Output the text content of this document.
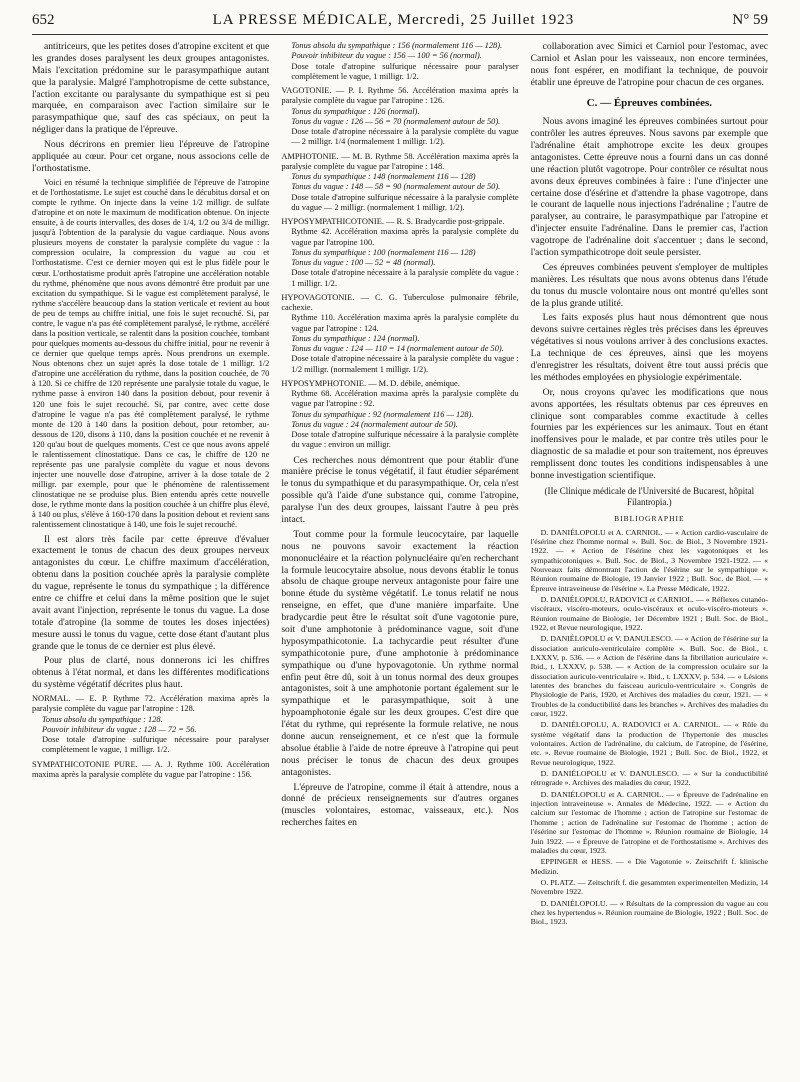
652	LA PRESSE MÉDICALE, Mercredi, 25 Juillet 1923	N° 59

antitriceurs, que les petites doses d'atropine excitent et que les grandes doses paralysent les deux groupes antagonistes. Mais l'excitation prédomine sur le parasympathique autant que la paralysie. Malgré l'amphotropisme de cette substance, l'action excitante ou paralysante du sympathique est si peu marquée, en comparaison avec l'action similaire sur le parasympathique que, sauf des cas spéciaux, on peut la négliger dans la pratique de l'épreuve.

Nous décrirons en premier lieu l'épreuve de l'atropine appliquée au cœur. Pour cet organe, nous associons celle de l'orthostatisme.

Voici en résumé la technique simplifiée de l'épreuve de l'atropine et de l'orthostatisme. Le sujet est couché dans le décubitus dorsal et on compte le rythme. On injecte dans la veine 1/2 milligr. de sulfate d'atropine et on note le maximum de modification obtenue. On injecte ensuite, à de courts intervalles, des doses de 1/4, 1/2 ou 3/4 de milligr. jusqu'à l'obtention de la paralysie du vague cardiaque. Nous avons plusieurs moyens de constater la paralysie complète du vague : la compression oculaire, la compression du vague au cou et l'orthostatisme. C'est ce dernier moyen qui est le plus fidèle pour le cœur. L'orthostatisme produit après l'atropine une accélération notable du rythme, phénomène que nous avons démontré être produit par une excitation du sympathique. Si le vague est complètement paralysé, le rythme s'accélère beaucoup dans la station verticale et revient au bout de peu de temps au chiffre initial, une fois le sujet recouché. Si, par contre, le vague n'a pas été complètement paralysé, le rythme, accéléré dans la position verticale, se ralentit dans la position couchée, tombant pour quelques moments au-dessous du chiffre initial, pour ne revenir à ce dernier que quelque temps après. Nous prendrons un exemple. Nous obtenons chez un sujet après la dose totale de 1 milligr. 1/2 d'atropine une accélération du rythme, dans la position couchée, de 70 à 120. Si ce chiffre de 120 représente une paralysie totale du vague, le rythme passe à environ 140 dans la position debout, pour revenir à 120 une fois le sujet recouché. Si, par contre, avec cette dose d'atropine le vague n'a pas été complètement paralysé, le rythme monte de 120 à 140 dans la position debout, pour retomber, au-dessous de 120, disons à 110, dans la position couchée et ne revenir à 120 qu'au bout de quelques moments. C'est ce que nous avons appelé le ralentissement clinostatique. Dans ce cas, le chiffre de 120 ne représente pas une paralysie complète du vague et nous devons injecter une nouvelle dose d'atropine, arriver à la dose totale de 2 milligr. par exemple, pour que le phénomène de ralentissement clinostatique ne se produise plus. Bien entendu après cette nouvelle dose, le rythme monte dans la position couchée à un chiffre plus élevé, à 140 ou plus, s'élève à 160-170 dans la position debout et revient sans ralentissement clinostatique à 140, une fois le sujet recouché.

Il est alors très facile par cette épreuve d'évaluer exactement le tonus de chacun des deux groupes nerveux antagonistes du cœur. Le chiffre maximum d'accélération, obtenu dans la position couchée après la paralysie complète du vague, représente le tonus du sympathique ; la différence entre ce chiffre et celui dans la même position que le sujet avait avant l'injection, représente le tonus du vague. La dose totale d'atropine (la somme de toutes les doses injectées) mesure aussi le tonus du vague, cette dose étant d'autant plus grande que le tonus de ce dernier est plus élevé.

Pour plus de clarté, nous donnerons ici les chiffres obtenus à l'état normal, et dans les différentes modifications du système végétatif décrites plus haut.

NORMAL. — E. P. Rythme 72. Accélération maxima après la paralysie complète du vague par l'atropine : 128.
Tonus absolu du sympathique : 128.
Pouvoir inhibiteur du vague : 128 — 72 = 56.
Dose totale d'atropine sulfurique nécessaire pour paralyser complètement le vague, 1 milligr. 1/2.
SYMPATHICOTONIE PURE. — A. J. Rythme 100. Accélération maxima après la paralysie complète du vague par l'atropine : 156.
Tonus absolu du sympathique : 156 (normalement 116 — 128).
Pouvoir inhibiteur du vague : 156 — 100 = 56 (normal).
Dose totale d'atropine sulfurique nécessaire pour paralyser complètement le vague, 1 milligr. 1/2.
VAGOTONIE. — P. I. Rythme 56. Accélération maxima après la paralysie complète du vague par l'atropine : 126.
Tonus du sympathique : 126 (normal).
Tonus du vague : 126 — 56 = 70 (normalement autour de 50).
Dose totale d'atropine nécessaire à la paralysie complète du vague — 2 milligr. 1/4 (normalement 1 milligr. 1/2).
AMPHOTONIE. — M. B. Rythme 58. Accélération maxima après la paralysie complète du vague par l'atropine : 148.
Tonus du sympathique : 148 (normalement 116 — 128)
Tonus du vague : 148 — 58 = 90 (normalement autour de 50).
Dose totale d'atropine sulfurique nécessaire à la paralysie complète du vague — 2 milligr. (normalement 1 milligr. 1/2).
HYPOSYMPATHICOTONIE. — R. S. Bradycardie post-grippale.
Rythme 42. Accélération maxima après la paralysie complète du vague par l'atropine 100.
Tonus du sympathique : 100 (normalement 116 — 128)
Tonus du vague : 100 — 52 = 48 (normal).
Dose totale d'atropine nécessaire à la paralysie complète du vague : 1 milligr. 1/2.
HYPOVAGOTONIE. — C. G. Tuberculose pulmonaire fébrile, cachexie.
Rythme 110. Accélération maxima après la paralysie complète du vague par l'atropine : 124.
Tonus du sympathique : 124 (normal).
Tonus du vague : 124 — 110 = 14 (normalement autour de 50).
Dose totale d'atropine nécessaire à la paralysie complète du vague : 1/2 milligr. (normalement 1 milligr. 1/2).
HYPOSYMPHOTONIE. — M. D. débile, anémique.
Rythme 68. Accélération maxima après la paralysie complète du vague par l'atropine : 92.
Tonus du sympathique : 92 (normalement 116 — 128).
Tonus du vague : 24 (normalement autour de 50).
Dose totale d'atropine sulfurique nécessaire à la paralysie complète du vague : environ un milligr.

Ces recherches nous démontrent que pour établir d'une manière précise le tonus végétatif, il faut étudier séparément le tonus du sympathique et du parasympathique. Or, cela n'est possible qu'à l'aide d'une substance qui, comme l'atropine, paralyse l'un des deux groupes, laissant l'autre à peu près intact.

Tout comme pour la formule leucocytaire, par laquelle nous ne pouvons savoir exactement la réaction mononucléaire et la réaction polynucléaire qu'en recherchant la formule leucocytaire absolue, nous devons établir le tonus absolu de chaque groupe nerveux antagoniste pour faire une bonne étude du système végétatif. Le tonus relatif ne nous renseigne, en effet, que d'une manière imparfaite. Une bradycardie peut être le résultat soit d'une vagotonie pure, soit d'une amphotonie à prédominance vague, soit d'une hyposympathicotonie. La tachycardie peut résulter d'une sympathicotonie pure, d'une amphotonie à prédominance sympathique ou d'une hypovagotonie. Un rythme normal enfin peut être dû, soit à un tonus normal des deux groupes antagonistes, soit à une amphotonie portant également sur le sympathique et le parasympathique, soit à une hypoamphotonie égale sur les deux groupes. C'est dire que l'état du rythme, qui représente la formule relative, ne nous donne aucun renseignement, et ce n'est que la formule absolue établie à l'aide de notre épreuve à l'atropine qui peut nous préciser le tonus de chacun des deux groupes antagonistes.

L'épreuve de l'atropine, comme il était à attendre, nous a donné de précieux renseignements sur d'autres organes (muscles volontaires, estomac, vaisseaux, etc.). Nos recherches faites en

collaboration avec Simici et Carniol pour l'estomac, avec Carniol et Aslan pour les vaisseaux, non encore terminées, nous font espérer, en modifiant la technique, de pouvoir établir une épreuve de l'atropine pour chacun de ces organes.

C. — Épreuves combinées.

Nous avons imaginé les épreuves combinées surtout pour contrôler les autres épreuves. Nous savons par exemple que l'adrénaline était amphotrope excite les deux groupes antagonistes. Cette épreuve nous a fourni dans un cas donné une réaction plutôt vagotrope. Pour contrôler ce résultat nous avons deux épreuves combinées à faire : l'une d'injecter une certaine dose d'ésérine et d'attendre la phase vagotrope, dans le courant de laquelle nous injections l'adrénaline ; l'autre de paralyser, au contraire, le parasympathique par l'atropine et d'injecter ensuite l'adrénaline. Dans le premier cas, l'action vagotrope de l'adrénaline doit s'accentuer ; dans le second, l'action sympathicotrope doit seule persister.

Ces épreuves combinées peuvent s'employer de multiples manières. Les résultats que nous avons obtenus dans l'étude du tonus du muscle volontaire nous ont montré qu'elles sont de la plus grande utilité.

Les faits exposés plus haut nous démontrent que nous devons suivre certaines règles très précises dans les épreuves végétatives si nous voulons arriver à des conclusions exactes. La technique de ces épreuves, ainsi que les moyens d'enregistrer les résultats, doivent être tout aussi précis que les méthodes employées en physiologie expérimentale.

Or, nous croyons qu'avec les modifications que nous avons apportées, les résultats obtenus par ces épreuves en clinique sont comparables comme exactitude à celles fournies par les expériences sur les animaux. Tout en étant inoffensives pour le malade, et par contre très utiles pour le diagnostic de sa maladie et pour son traitement, nos épreuves remplissent donc toutes les conditions indispensables à une bonne investigation scientifique.

(IIe Clinique médicale de l'Université de Bucarest, hôpital Filantropia.)
BIBLIOGRAPHIE

D. DANIÉLOPOLU et A. CARNIOL. — « Action cardio-vasculaire de l'ésérine chez l'homme normal ». Bull. Soc. de Biol., 3 Novembre 1921-1922. — « Action de l'ésérine chez les vagotoniques et les sympathicotoniques ». Bull. Soc. de Biol., 3 Novembre 1921-1922. — « Nouveaux faits démontrant l'action de l'ésérine sur le sympathique ». Réunion roumaine de Biologie, 19 Janvier 1922 ; Bull. Soc. de Biol. — « Épreuve intraveineuse de l'ésérine ». La Presse Médicale, 1922.

D. DANIÉLOPOLU, RADOVICI et CARNIOL. — « Réflexes cutanéo-viscéraux, viscéro-moteurs, oculo-viscéraux et oculo-viscéro-moteurs ». Réunion roumaine de Biologie, 1er Décembre 1921 ; Bull. Soc. de Biol., 1922, et Revue neurologique, 1922.

D. DANIÉLOPOLU et V. DANULESCO. — « Action de l'ésérine sur la dissociation auriculo-ventriculaire complète ». Bull. Soc. de Biol., t. LXXXV, p. 536. — « Action de l'ésérine dans la fibrillation auriculaire ». Ibid., t. LXXXV, p. 538. — « Action de la compression oculaire sur la dissociation auriculo-ventriculaire ». Ibid., t. LXXXV, p. 534. — « Lésions latentes des branches du faisceau auriculo-ventriculaire ». Congrès de Physiologie de Paris, 1920, et Archives des maladies du cœur, 1921. — « Troubles de la conductibilité dans les branches ». Archives des maladies du cœur, 1922.

D. DANIÉLOPOLU, A. RADOVICI et A. CARNIOL. — « Rôle du système végétatif dans la production de l'hypertonie des muscles volontaires. Action de l'adrénaline, du calcium, de l'atropine, de l'ésérine, etc. ». Revue roumaine de Biologie, 1921 ; Bull. Soc. de Biol., 1922, et Revue neurologique, 1922.

D. DANIÉLOPOLU et V. DANULESCO. — « Sur la conductibilité rétrograde ». Archives des maladies du cœur, 1922.

D. DANIÉLOPOLU et A. CARNIOL. — « Épreuve de l'adrénaline en injection intraveineuse ». Annales de Médecine, 1922. — « Action du calcium sur l'estomac de l'homme ; action de l'atropine sur l'estomac de l'homme ; action de l'adrénaline sur l'estomac de l'homme ; action de l'ésérine sur l'estomac de l'homme ». Réunion roumaine de Biologie, 14 Juin 1922. — « Épreuve de l'atropine et de l'orthostatisme ». Archives des maladies du cœur, 1923.

EPPINGER et HESS. — « Die Vagotonie ». Zeitschrift f. klinische Medizin.

O. PLATZ. — Zeitschrift f. die gesammten experimentellen Medizin, 14 Novembre 1922.

D. DANIÉLOPOLU. — « Résultats de la compression du vague au cou chez les hypertendus ». Réunion roumaine de Biologie, 1922 ; Bull. Soc. de Biol., 1923.
